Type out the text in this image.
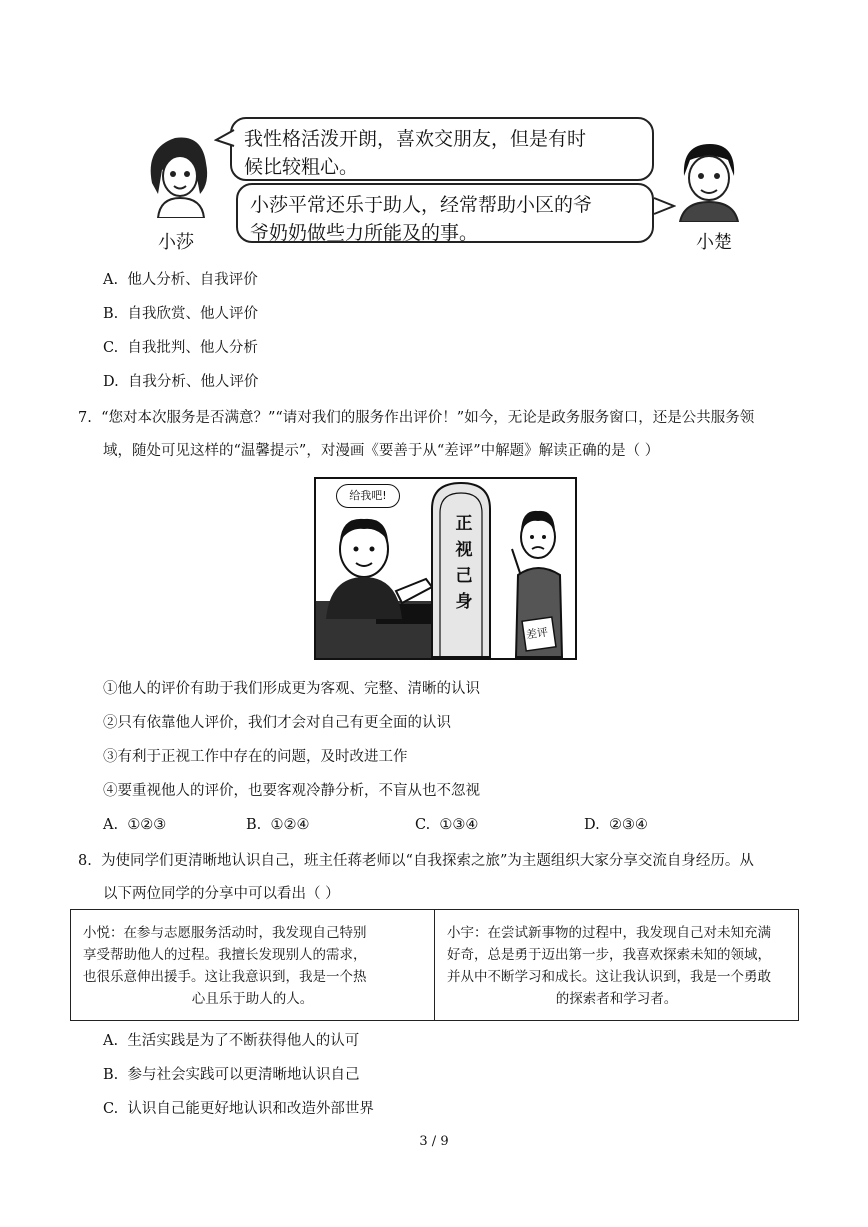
我性格活泼开朗，喜欢交朋友，但是有时
候比较粗心。
小莎平常还乐于助人，经常帮助小区的爷
爷奶奶做些力所能及的事。
小莎	小楚
A. 他人分析、自我评价
B. 自我欣赏、他人评价
C. 自我批判、他人分析
D. 自我分析、他人评价
7. “您对本次服务是否满意？”“请对我们的服务作出评价！”如今，无论是政务服务窗口，还是公共服务领
域，随处可见这样的“温馨提示”，对漫画《要善于从“差评”中解题》解读正确的是（ ）
给我吧!
正
视
己
身
差评
①他人的评价有助于我们形成更为客观、完整、清晰的认识
②只有依靠他人评价，我们才会对自己有更全面的认识
③有利于正视工作中存在的问题，及时改进工作
④要重视他人的评价，也要客观冷静分析，不盲从也不忽视
A. ①②③	B. ①②④	C. ①③④	D. ②③④
8. 为使同学们更清晰地认识自己，班主任蒋老师以“自我探索之旅”为主题组织大家分享交流自身经历。从
以下两位同学的分享中可以看出（ ）
小悦：在参与志愿服务活动时，我发现自己特别
享受帮助他人的过程。我擅长发现别人的需求，
也很乐意伸出援手。这让我意识到，我是一个热
心且乐于助人的人。

小宇：在尝试新事物的过程中，我发现自己对未知充满
好奇，总是勇于迈出第一步，我喜欢探索未知的领域，
并从中不断学习和成长。这让我认识到，我是一个勇敢
的探索者和学习者。
A. 生活实践是为了不断获得他人的认可
B. 参与社会实践可以更清晰地认识自己
C. 认识自己能更好地认识和改造外部世界
3 / 9
